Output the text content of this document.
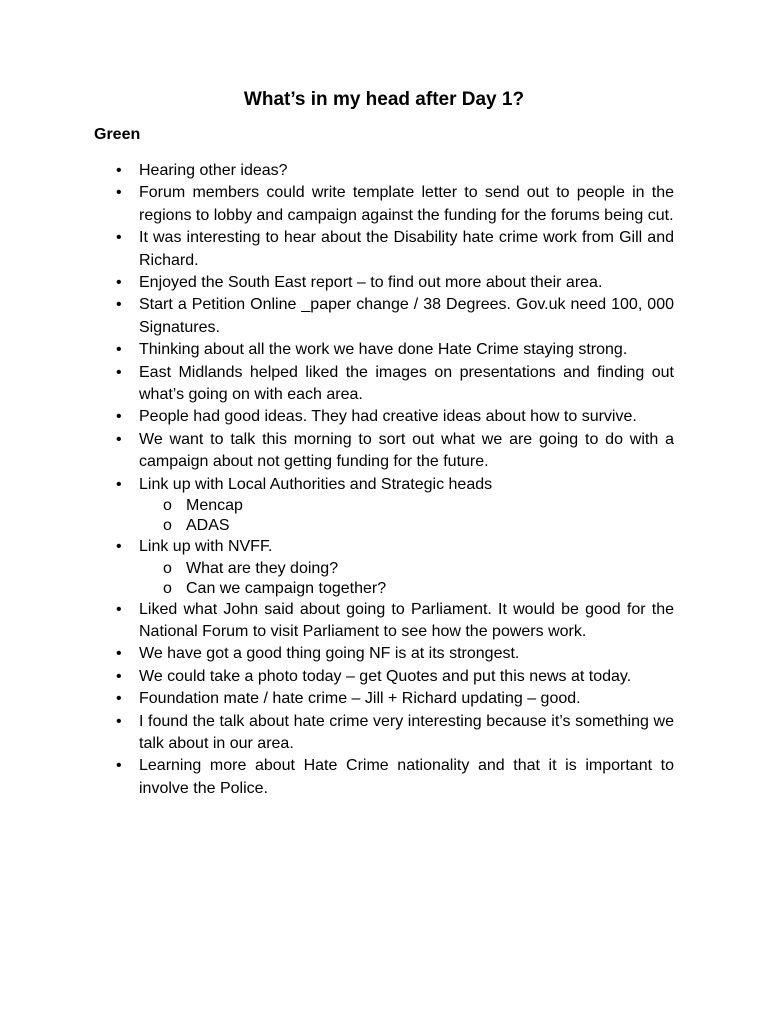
What’s in my head after Day 1?
Green
• Hearing other ideas?
• Forum members could write template letter to send out to people in the regions to lobby and campaign against the funding for the forums being cut.
• It was interesting to hear about the Disability hate crime work from Gill and Richard.
• Enjoyed the South East report – to find out more about their area.
• Start a Petition Online _paper change / 38 Degrees. Gov.uk need 100, 000 Signatures.
• Thinking about all the work we have done Hate Crime staying strong.
• East Midlands helped liked the images on presentations and finding out what’s going on with each area.
• People had good ideas. They had creative ideas about how to survive.
• We want to talk this morning to sort out what we are going to do with a campaign about not getting funding for the future.
• Link up with Local Authorities and Strategic heads
o Mencap
o ADAS
• Link up with NVFF.
o What are they doing?
o Can we campaign together?
• Liked what John said about going to Parliament. It would be good for the National Forum to visit Parliament to see how the powers work.
• We have got a good thing going NF is at its strongest.
• We could take a photo today – get Quotes and put this news at today.
• Foundation mate / hate crime – Jill + Richard updating – good.
• I found the talk about hate crime very interesting because it’s something we talk about in our area.
• Learning more about Hate Crime nationality and that it is important to involve the Police.
